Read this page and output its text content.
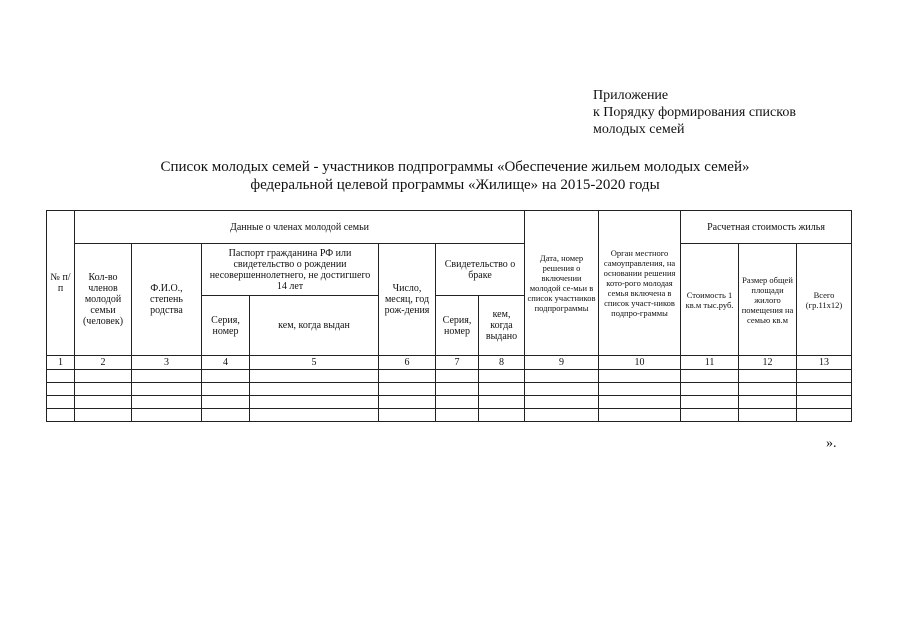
Приложение
к Порядку формирования списков
молодых семей
Список молодых семей - участников подпрограммы «Обеспечение жильем молодых семей»
федеральной целевой программы «Жилище» на 2015-2020 годы
№ п/п	Данные о членах молодой семьи							Дата, номер решения о включении молодой се-мьи в список участников подпрограммы	Орган местного самоуправления, на основании решения кото-рого молодая семья включена в список участ-ников подпро-граммы	Расчетная стоимость жилья		
	Кол-во членов молодой семьи (человек)	Ф.И.О., степень родства	Паспорт гражданина РФ или свидетельство о рождении несовершеннолетнего, не достигшего 14 лет		Число, месяц, год рож-дения	Свидетельство о браке				Стоимость 1 кв.м тыс.руб.	Размер общей площади жилого помещения на семью кв.м	Всего (гр.11х12)
			Серия, номер	кем, когда выдан		Серия, номер	кем, когда выдано					
1	2	3	4	5	6	7	8	9	10	11	12	13

».
